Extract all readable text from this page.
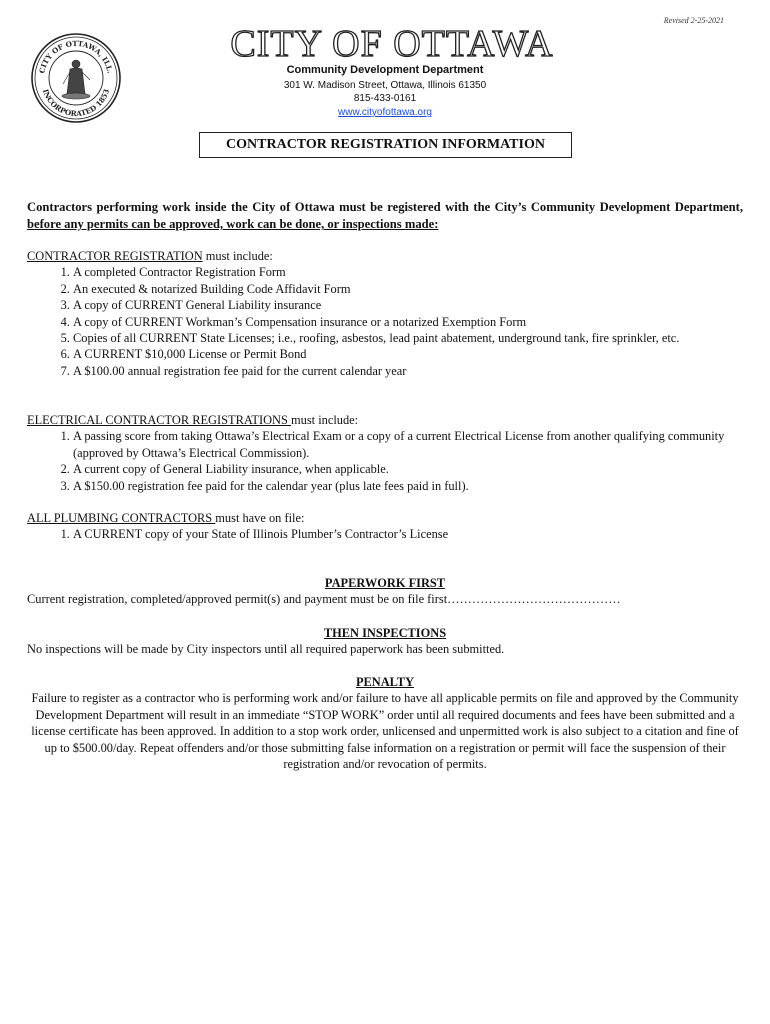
Revised 2-25-2021
CITY OF OTTAWA, ILL.
INCORPORATED 1853
CITY OF OTTAWA
Community Development Department
301 W. Madison Street, Ottawa, Illinois 61350
815-433-0161
www.cityofottawa.org
CONTRACTOR REGISTRATION INFORMATION
Contractors performing work inside the City of Ottawa must be registered with the City’s Community Development Department, before any permits can be approved, work can be done, or inspections made:
CONTRACTOR REGISTRATION must include:
1. A completed Contractor Registration Form
2. An executed & notarized Building Code Affidavit Form
3. A copy of CURRENT General Liability insurance
4. A copy of CURRENT Workman’s Compensation insurance or a notarized Exemption Form
5. Copies of all CURRENT State Licenses; i.e., roofing, asbestos, lead paint abatement, underground tank, fire sprinkler, etc.
6. A CURRENT $10,000 License or Permit Bond
7. A $100.00 annual registration fee paid for the current calendar year
ELECTRICAL CONTRACTOR REGISTRATIONS must include:
1. A passing score from taking Ottawa’s Electrical Exam or a copy of a current Electrical License from another qualifying community (approved by Ottawa’s Electrical Commission).
2. A current copy of General Liability insurance, when applicable.
3. A $150.00 registration fee paid for the calendar year (plus late fees paid in full).
ALL PLUMBING CONTRACTORS must have on file:
1. A CURRENT copy of your State of Illinois Plumber’s Contractor’s License
PAPERWORK FIRST
Current registration, completed/approved permit(s) and payment must be on file first……………………………………
THEN INSPECTIONS
No inspections will be made by City inspectors until all required paperwork has been submitted.
PENALTY
Failure to register as a contractor who is performing work and/or failure to have all applicable permits on file and approved by the Community Development Department will result in an immediate “STOP WORK” order until all required documents and fees have been submitted and a license certificate has been approved. In addition to a stop work order, unlicensed and unpermitted work is also subject to a citation and fine of up to $500.00/day. Repeat offenders and/or those submitting false information on a registration or permit will face the suspension of their registration and/or revocation of permits.
